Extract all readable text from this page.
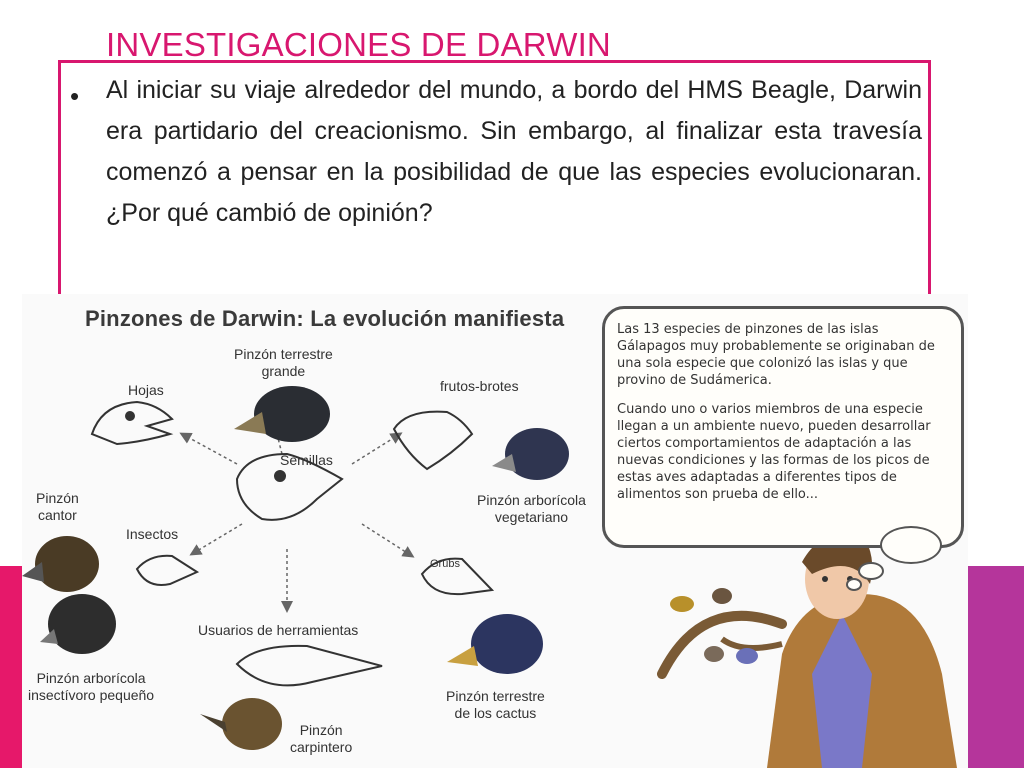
INVESTIGACIONES DE DARWIN
•	Al iniciar su viaje alrededor del mundo, a bordo del HMS Beagle, Darwin era partidario del creacionismo. Sin embargo, al finalizar esta travesía comenzó a pensar en la posibilidad de que las especies evolucionaran. ¿Por qué cambió de opinión?

Pinzones de Darwin: La evolución manifiesta
Hojas
Pinzón terrestre
grande
frutos-brotes
Semillas
Pinzón
cantor
Insectos
Pinzón arborícola
vegetariano
Grubs
Usuarios de herramientas
Pinzón arborícola
insectívoro pequeño	Pinzón terrestre
de los cactus
Pinzón
carpintero

Las 13 especies de pinzones de las islas Gálapagos muy probablemente se originaban de una sola especie que colonizó las islas y que provino de Sudámerica.

Cuando uno o varios miembros de una especie llegan a un ambiente nuevo, pueden desarrollar ciertos comportamientos de adaptación a las nuevas condiciones y las formas de los picos de estas aves adaptadas a diferentes tipos de alimentos son prueba de ello...
